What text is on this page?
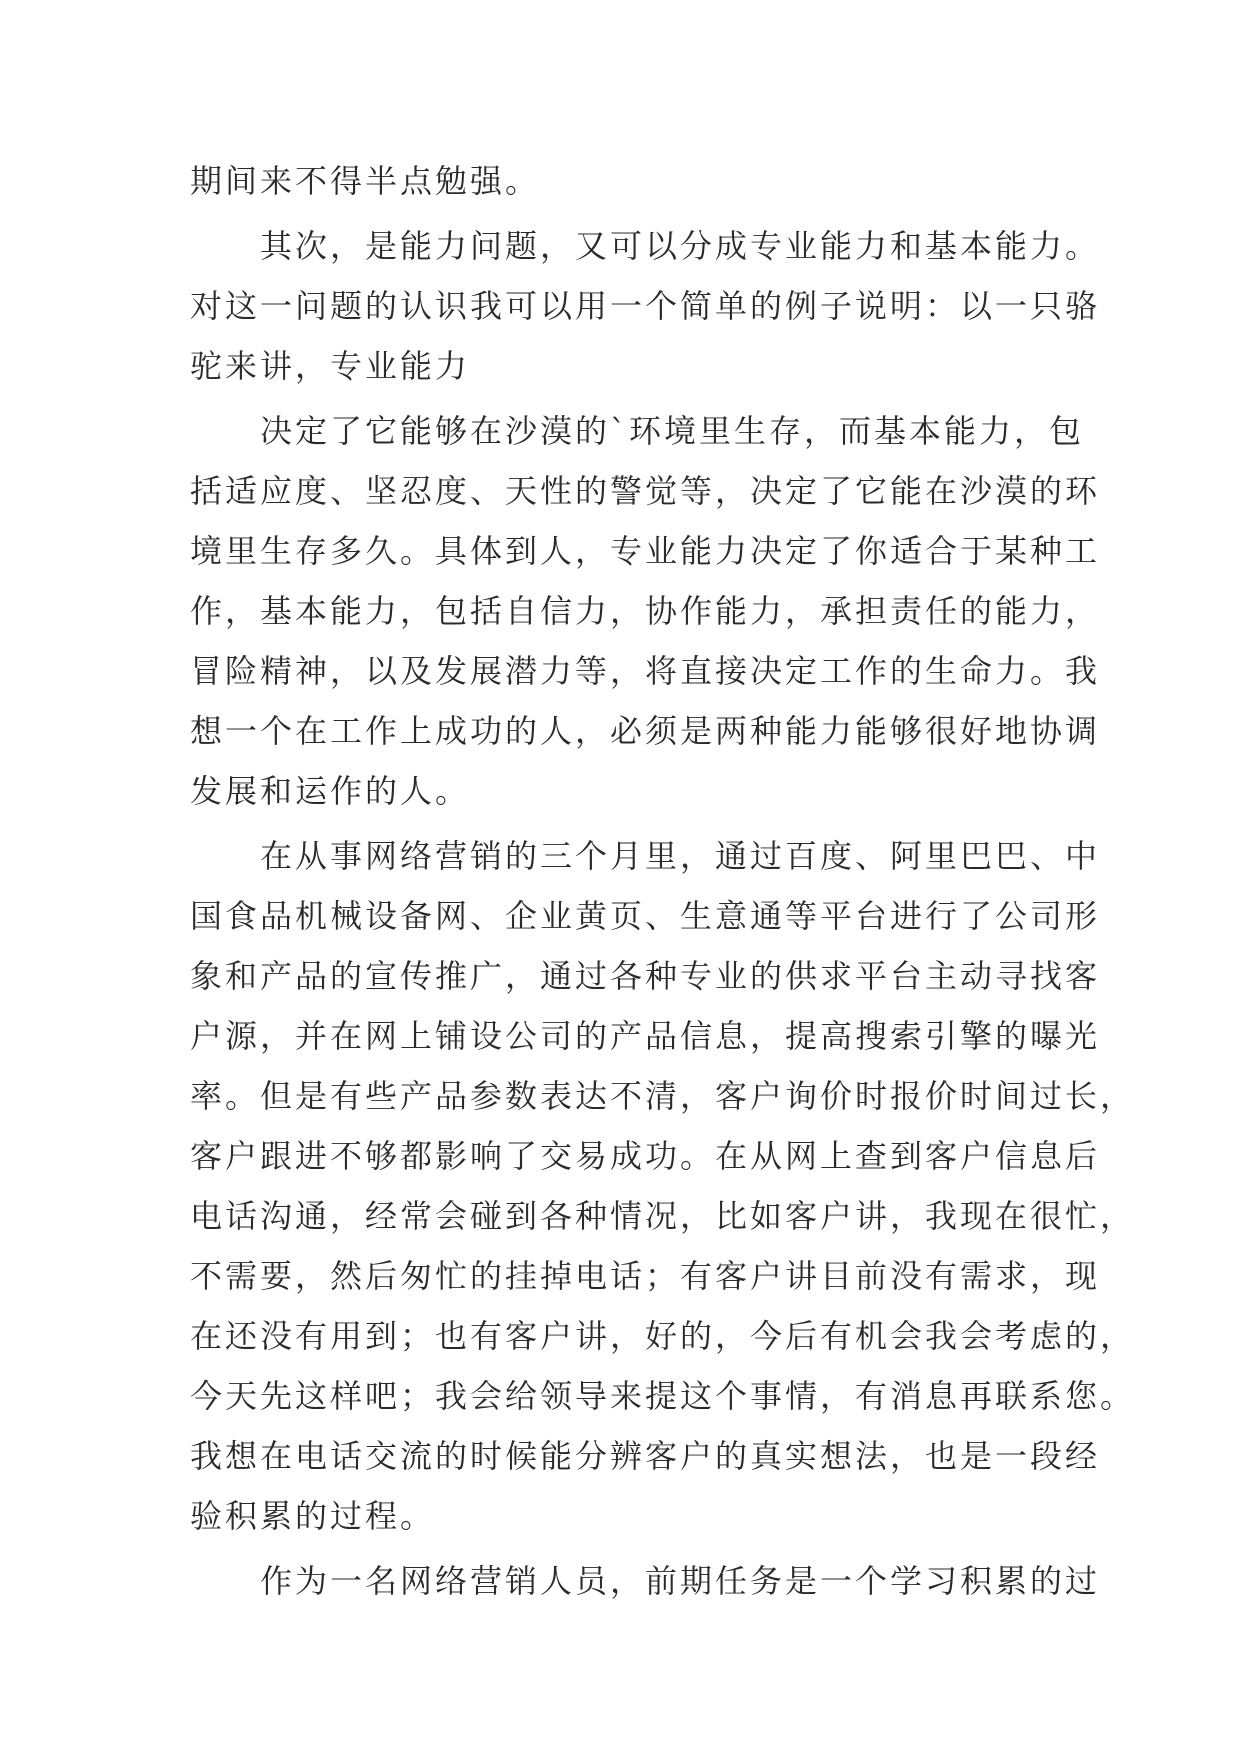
期间来不得半点勉强。
其次，是能力问题，又可以分成专业能力和基本能力。
对这一问题的认识我可以用一个简单的例子说明：以一只骆
驼来讲，专业能力
决定了它能够在沙漠的`环境里生存，而基本能力，包
括适应度、坚忍度、天性的警觉等，决定了它能在沙漠的环
境里生存多久。具体到人，专业能力决定了你适合于某种工
作，基本能力，包括自信力，协作能力，承担责任的能力，
冒险精神，以及发展潜力等，将直接决定工作的生命力。我
想一个在工作上成功的人，必须是两种能力能够很好地协调
发展和运作的人。
在从事网络营销的三个月里，通过百度、阿里巴巴、中
国食品机械设备网、企业黄页、生意通等平台进行了公司形
象和产品的宣传推广，通过各种专业的供求平台主动寻找客
户源，并在网上铺设公司的产品信息，提高搜索引擎的曝光
率。但是有些产品参数表达不清，客户询价时报价时间过长，
客户跟进不够都影响了交易成功。在从网上查到客户信息后
电话沟通，经常会碰到各种情况，比如客户讲，我现在很忙，
不需要，然后匆忙的挂掉电话；有客户讲目前没有需求，现
在还没有用到；也有客户讲，好的，今后有机会我会考虑的，
今天先这样吧；我会给领导来提这个事情，有消息再联系您。
我想在电话交流的时候能分辨客户的真实想法，也是一段经
验积累的过程。
作为一名网络营销人员，前期任务是一个学习积累的过
